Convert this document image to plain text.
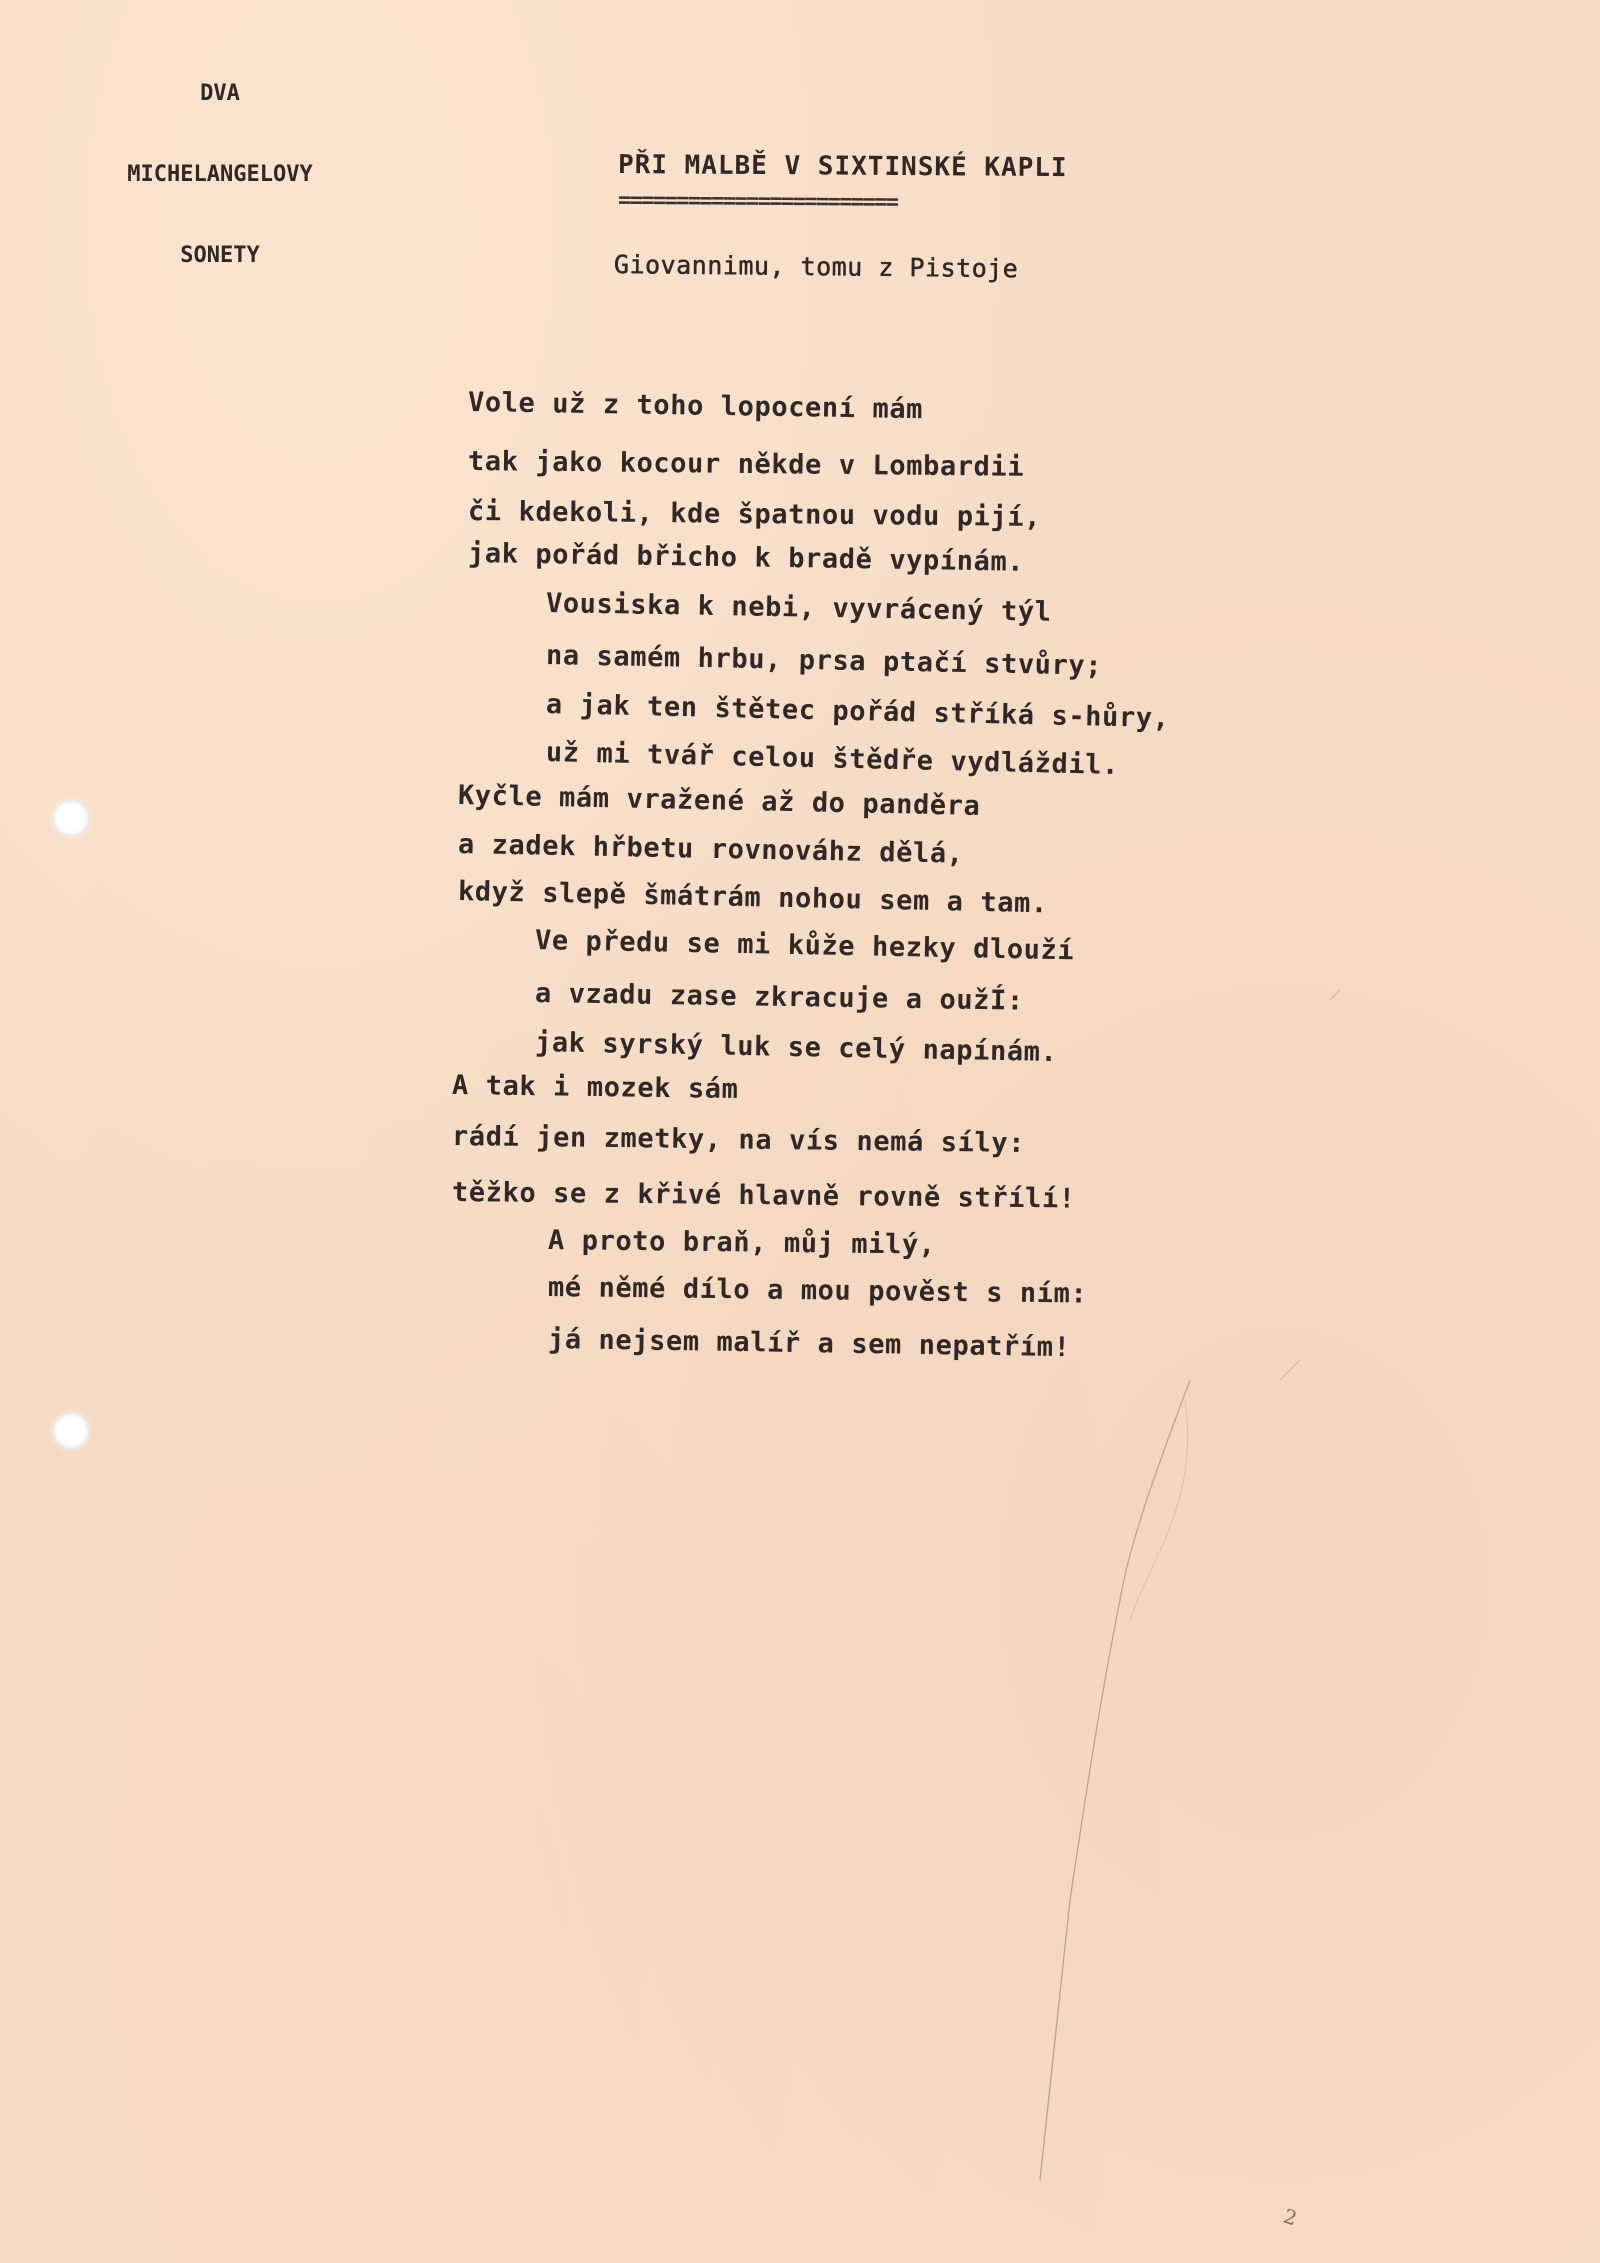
DVA

MICHELANGELOVY

SONETY

PŘI MALBĚ V SIXTINSKÉ KAPLI
========================
Giovannimu, tomu z Pistoje

Vole už z toho lopocení mám

tak jako kocour někde v Lombardii

či kdekoli, kde špatnou vodu pijí,

jak pořád břicho k bradě vypínám.

Vousiska k nebi, vyvrácený týl

na samém hrbu, prsa ptačí stvůry;

a jak ten štětec pořád stříká s-hůry,

už mi tvář celou štědře vydláždil.

Kyčle mám vražené až do panděra

a zadek hřbetu rovnováhz dělá,

když slepě šmátrám nohou sem a tam.

Ve předu se mi kůže hezky dlouží

a vzadu zase zkracuje a oužÍ:

jak syrský luk se celý napínám.

A tak i mozek sám

rádí jen zmetky, na vís nemá síly:

těžko se z křivé hlavně rovně střílí!

A proto braň, můj milý,

mé němé dílo a mou pověst s ním:

já nejsem malíř a sem nepatřím!

2
